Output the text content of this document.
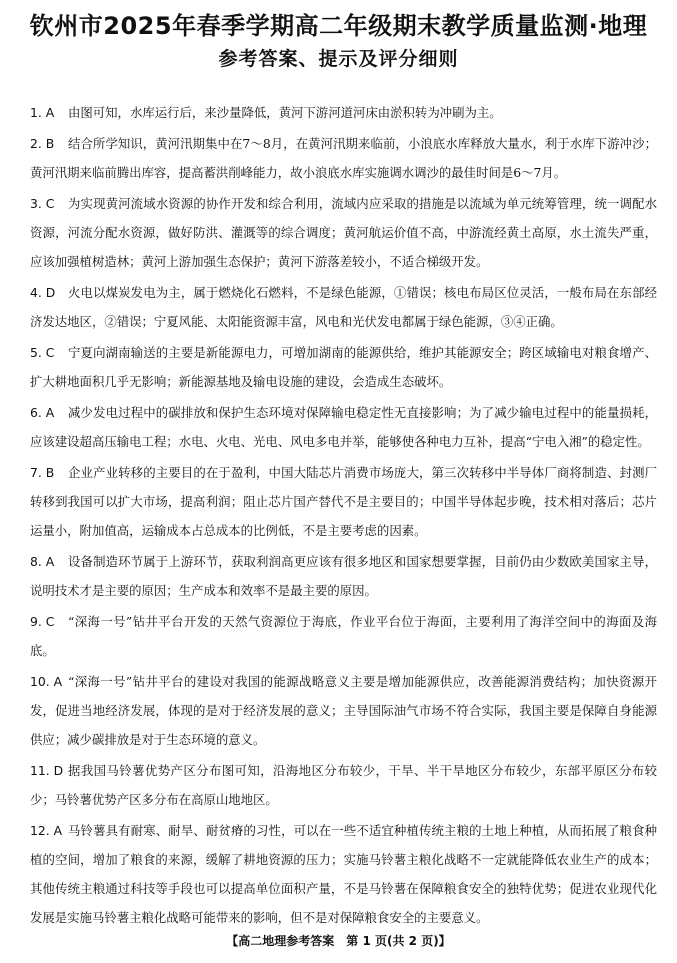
钦州市2025年春季学期高二年级期末教学质量监测·地理
参考答案、提示及评分细则
1. A	由图可知，水库运行后，来沙量降低，黄河下游河道河床由淤积转为冲刷为主。
2. B	结合所学知识，黄河汛期集中在7～8月，在黄河汛期来临前，小浪底水库释放大量水，利于水库下游冲沙；黄河汛期来临前腾出库容，提高蓄洪削峰能力，故小浪底水库实施调水调沙的最佳时间是6～7月。
3. C	为实现黄河流域水资源的协作开发和综合利用，流域内应采取的措施是以流域为单元统筹管理，统一调配水资源，河流分配水资源，做好防洪、灌溉等的综合调度；黄河航运价值不高，中游流经黄土高原，水土流失严重，应该加强植树造林；黄河上游加强生态保护；黄河下游落差较小，不适合梯级开发。
4. D	火电以煤炭发电为主，属于燃烧化石燃料，不是绿色能源，①错误；核电布局区位灵活，一般布局在东部经济发达地区，②错误；宁夏风能、太阳能资源丰富，风电和光伏发电都属于绿色能源，③④正确。
5. C	宁夏向湖南输送的主要是新能源电力，可增加湖南的能源供给，维护其能源安全；跨区域输电对粮食增产、扩大耕地面积几乎无影响；新能源基地及输电设施的建设，会造成生态破坏。
6. A	减少发电过程中的碳排放和保护生态环境对保障输电稳定性无直接影响；为了减少输电过程中的能量损耗，应该建设超高压输电工程；水电、火电、光电、风电多电并举，能够使各种电力互补，提高“宁电入湘”的稳定性。
7. B	企业产业转移的主要目的在于盈利，中国大陆芯片消费市场庞大，第三次转移中半导体厂商将制造、封测厂转移到我国可以扩大市场，提高利润；阻止芯片国产替代不是主要目的；中国半导体起步晚，技术相对落后；芯片运量小，附加值高，运输成本占总成本的比例低，不是主要考虑的因素。
8. A	设备制造环节属于上游环节，获取利润高更应该有很多地区和国家想要掌握，目前仍由少数欧美国家主导，说明技术才是主要的原因；生产成本和效率不是最主要的原因。
9. C	“深海一号”钻井平台开发的天然气资源位于海底，作业平台位于海面，主要利用了海洋空间中的海面及海底。
10. A “深海一号”钻井平台的建设对我国的能源战略意义主要是增加能源供应，改善能源消费结构；加快资源开发，促进当地经济发展，体现的是对于经济发展的意义；主导国际油气市场不符合实际，我国主要是保障自身能源供应；减少碳排放是对于生态环境的意义。
11. D 据我国马铃薯优势产区分布图可知，沿海地区分布较少，干旱、半干旱地区分布较少，东部平原区分布较少；马铃薯优势产区多分布在高原山地地区。
12. A 马铃薯具有耐寒、耐旱、耐贫瘠的习性，可以在一些不适宜种植传统主粮的土地上种植，从而拓展了粮食种植的空间，增加了粮食的来源，缓解了耕地资源的压力；实施马铃薯主粮化战略不一定就能降低农业生产的成本；其他传统主粮通过科技等手段也可以提高单位面积产量，不是马铃薯在保障粮食安全的独特优势；促进农业现代化发展是实施马铃薯主粮化战略可能带来的影响，但不是对保障粮食安全的主要意义。
【高二地理参考答案　第 1 页(共 2 页)】
